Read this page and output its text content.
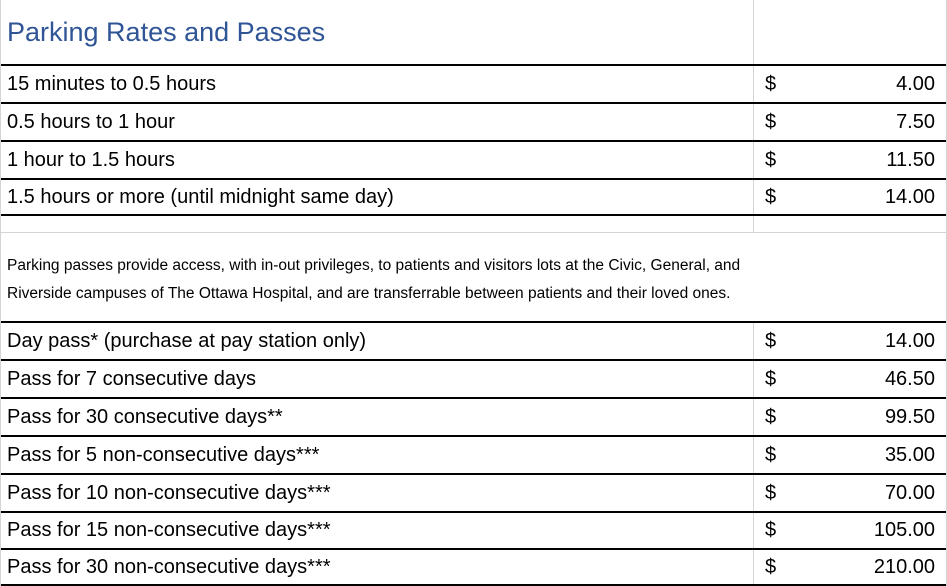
Parking Rates and Passes
15 minutes to 0.5 hours	$	4.00
0.5 hours to 1 hour	$	7.50
1 hour to 1.5 hours	$	11.50
1.5 hours or more (until midnight same day)	$	14.00
Parking passes provide access, with in-out privileges, to patients and visitors lots at the Civic, General, and
Riverside campuses of The Ottawa Hospital, and are transferrable between patients and their loved ones.
Day pass* (purchase at pay station only)	$	14.00
Pass for 7 consecutive days	$	46.50
Pass for 30 consecutive days**	$	99.50
Pass for 5 non-consecutive days***	$	35.00
Pass for 10 non-consecutive days***	$	70.00
Pass for 15 non-consecutive days***	$	105.00
Pass for 30 non-consecutive days***	$	210.00
